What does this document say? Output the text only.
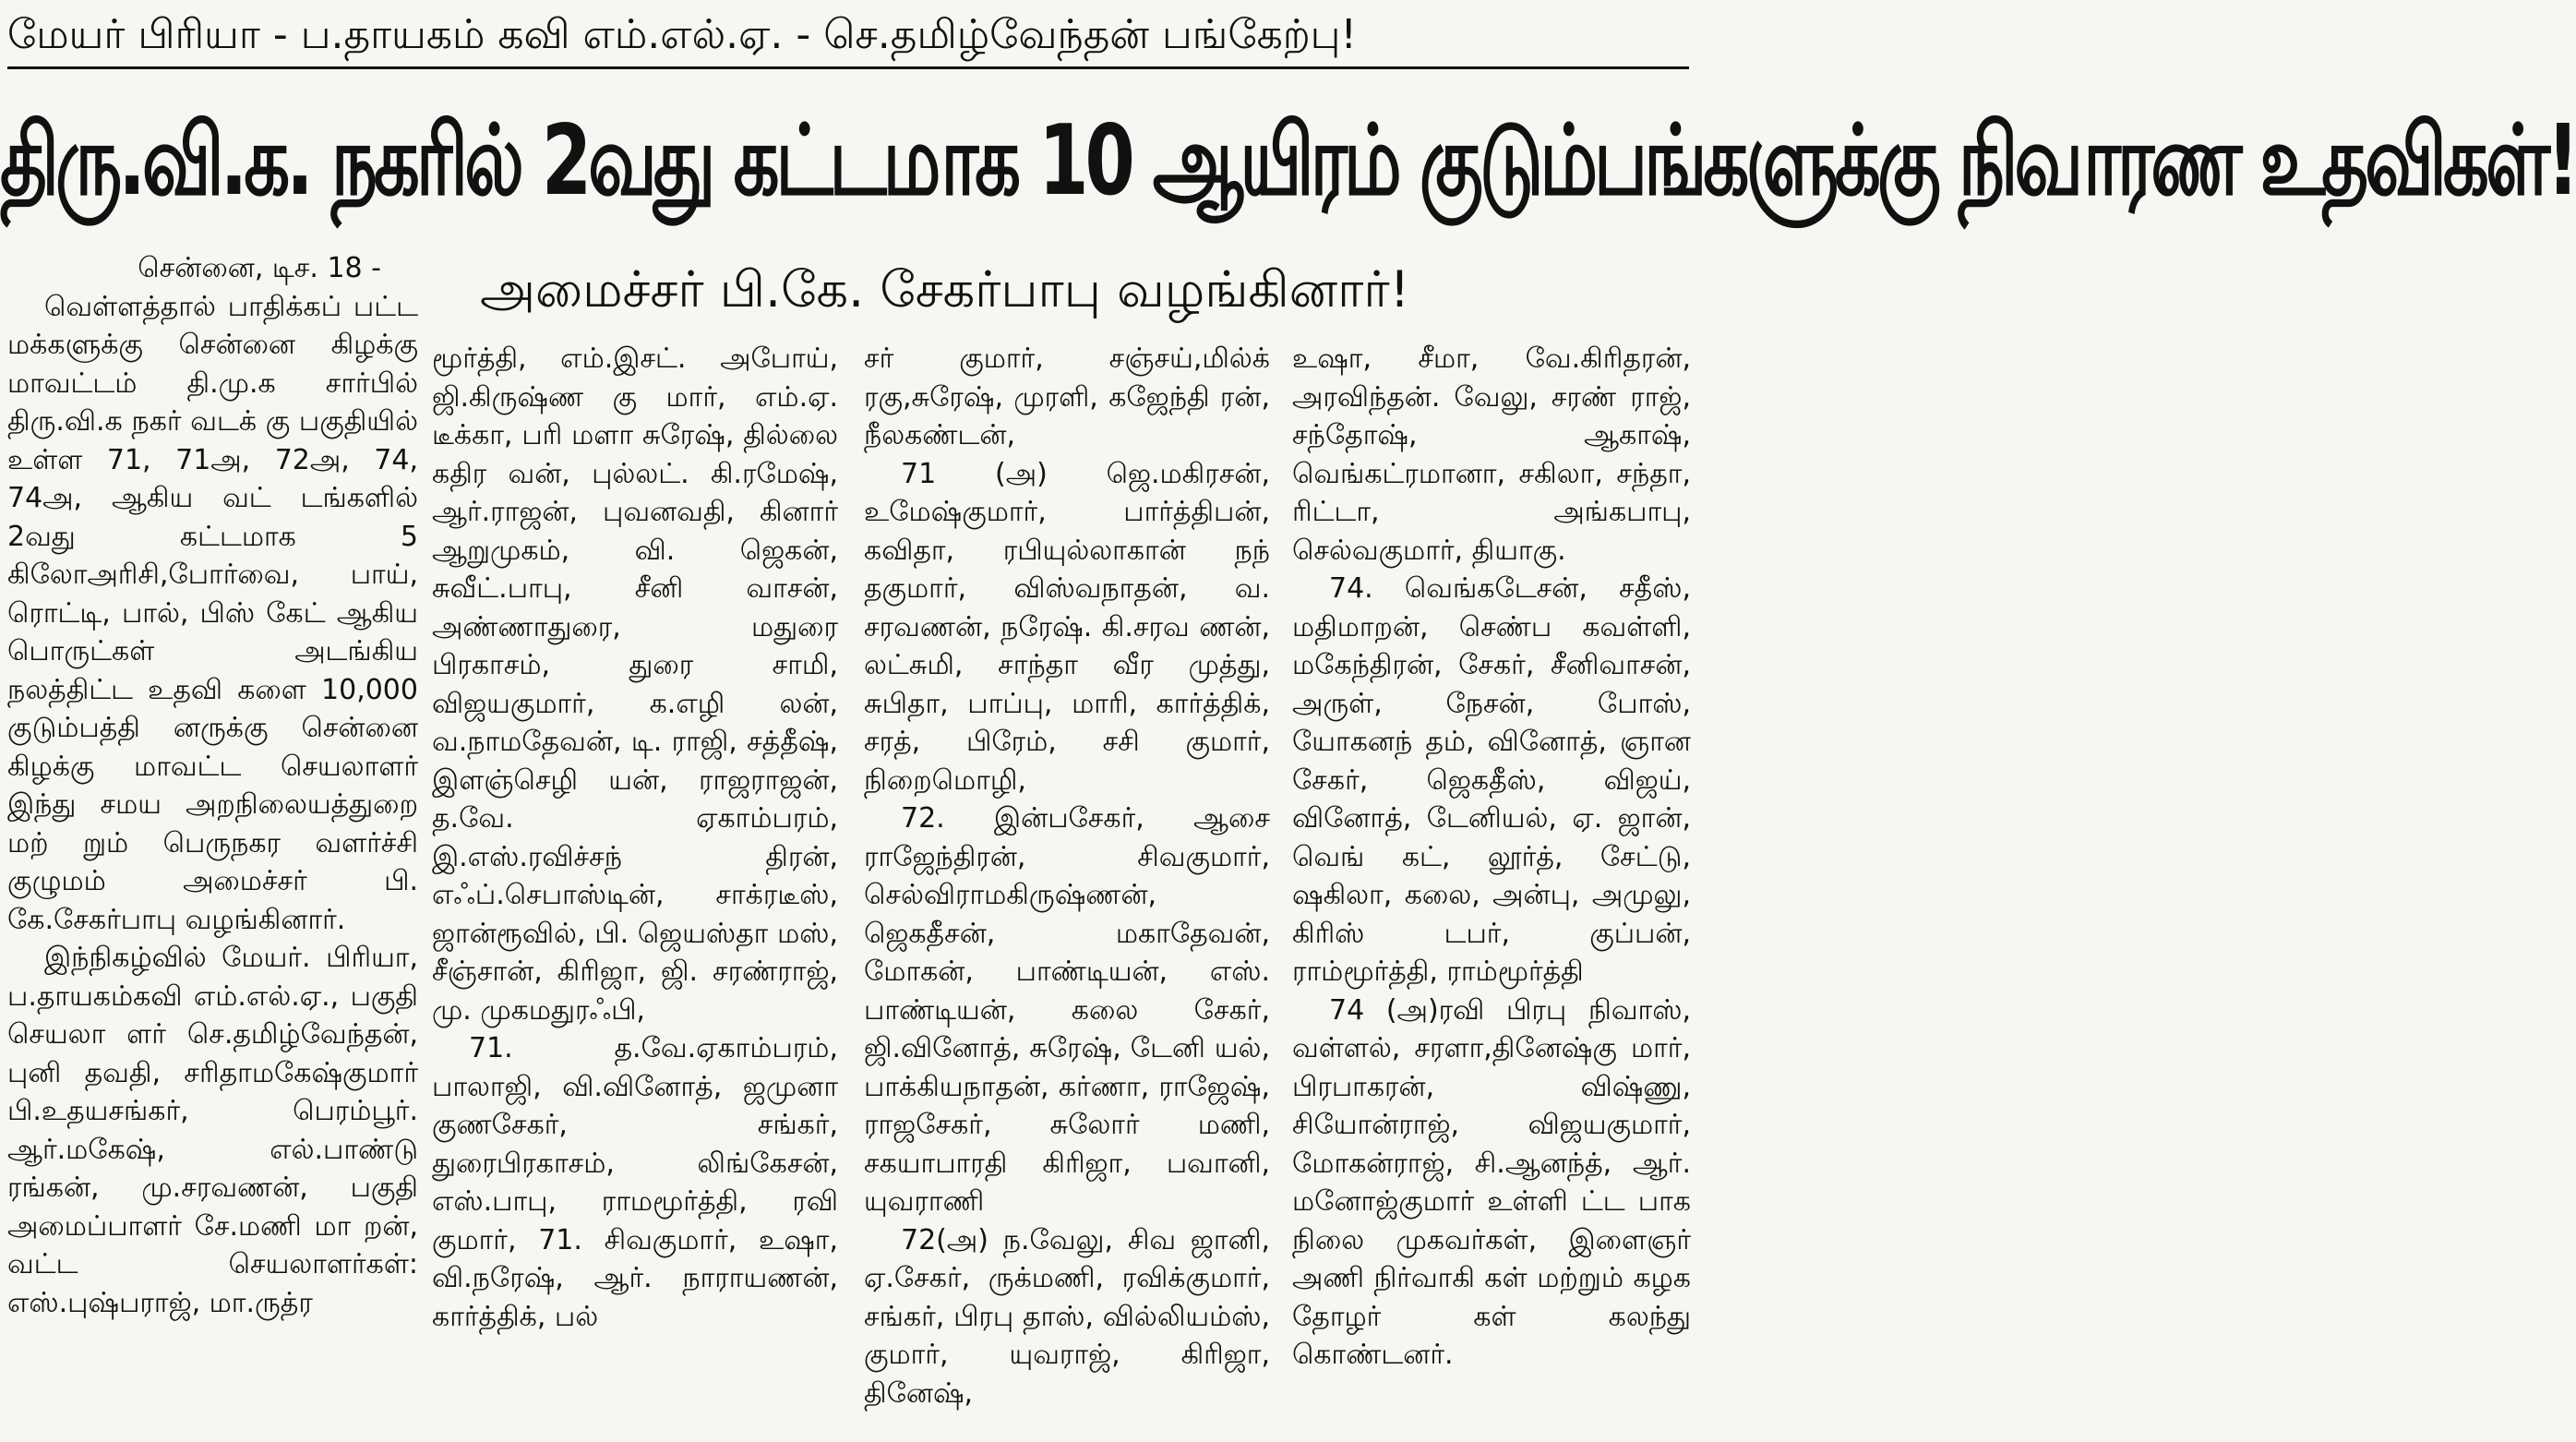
மேயர் பிரியா - ப.தாயகம் கவி எம்.எல்.ஏ. - செ.தமிழ்வேந்தன் பங்கேற்பு!
திரு.வி.க. நகரில் 2வது கட்டமாக 10 ஆயிரம் குடும்பங்களுக்கு நிவாரண உதவிகள்!
அமைச்சர் பி.கே. சேகர்பாபு வழங்கினார்!

சென்னை, டிச. 18 -

வெள்ளத்தால் பாதிக்கப் பட்ட மக்களுக்கு சென்னை கிழக்கு மாவட்டம் தி.மு.க சார்பில் திரு.வி.க நகர் வடக் கு பகுதியில் உள்ள 71, 71அ, 72அ, 74, 74அ, ஆகிய வட் டங்களில் 2வது கட்டமாக 5 கிலோஅரிசி,போர்வை, பாய், ரொட்டி, பால், பிஸ் கேட் ஆகிய பொருட்கள் அடங்கிய நலத்திட்ட உதவி களை 10,000 குடும்பத்தி னருக்கு சென்னை கிழக்கு மாவட்ட செயலாளர் இந்து சமய அறநிலையத்துறை மற் றும் பெருநகர வளர்ச்சி குழுமம் அமைச்சர் பி. கே.சேகர்பாபு வழங்கினார்.

இந்நிகழ்வில் மேயர். பிரியா, ப.தாயகம்கவி எம்.எல்.ஏ., பகுதி செயலா ளர் செ.தமிழ்வேந்தன், புனி தவதி, சரிதாமகேஷ்குமார் பி.உதயசங்கர், பெரம்பூர். ஆர்.மகேஷ், எல்.பாண்டு ரங்கன், மு.சரவணன், பகுதி அமைப்பாளர் சே.மணி மா றன், வட்ட செயலாளர்கள்: எஸ்.புஷ்பராஜ், மா.ருத்ர

மூர்த்தி, எம்.இசட். அபோய், ஜி.கிருஷ்ண கு மார், எம்.ஏ. டீக்கா, பரி மளா சுரேஷ், தில்லை கதிர வன், புல்லட். கி.ரமேஷ், ஆர்.ராஜன், புவனவதி, கினார் ஆறுமுகம், வி. ஜெகன், சுவீட்.பாபு, சீனி வாசன், அண்ணாதுரை, மதுரை பிரகாசம், துரை சாமி, விஜயகுமார், க.எழி லன், வ.நாமதேவன், டி. ராஜி, சத்தீஷ், இளஞ்செழி யன், ராஜராஜன், த.வே. ஏகாம்பரம், இ.எஸ்.ரவிச்சந் திரன், எஃப்.செபாஸ்டின், சாக்ரடீஸ், ஜான்ரூவில், பி. ஜெயஸ்தா மஸ், சீஞ்சான், கிரிஜா, ஜி. சரண்ராஜ், மு. முகமதுரஃபி,

71. த.வே.ஏகாம்பரம், பாலாஜி, வி.வினோத், ஜமுனா குணசேகர், சங்கர், துரைபிரகாசம், லிங்கேசன், எஸ்.பாபு, ராமமூர்த்தி, ரவி குமார், 71. சிவகுமார், உஷா, வி.நரேஷ், ஆர். நாராயணன், கார்த்திக், பல்

சர் குமார், சஞ்சய்,மில்க் ரகு,சுரேஷ், முரளி, கஜேந்தி ரன், நீலகண்டன்,

71 (அ) ஜெ.மகிரசன், உமேஷ்குமார், பார்த்திபன், கவிதா, ரபியுல்லாகான் நந் தகுமார், விஸ்வநாதன், வ. சரவணன், நரேஷ். கி.சரவ ணன், லட்சுமி, சாந்தா வீர முத்து, சுபிதா, பாப்பு, மாரி, கார்த்திக், சரத், பிரேம், சசி குமார், நிறைமொழி,

72. இன்பசேகர், ஆசை ராஜேந்திரன், சிவகுமார், செல்விராமகிருஷ்ணன், ஜெகதீசன், மகாதேவன், மோகன், பாண்டியன், எஸ். பாண்டியன், கலை சேகர், ஜி.வினோத், சுரேஷ், டேனி யல், பாக்கியநாதன், கர்ணா, ராஜேஷ், ராஜசேகர், சுலோர் மணி, சகயாபாரதி கிரிஜா, பவானி, யுவராணி

72(அ) ந.வேலு, சிவ ஜானி, ஏ.சேகர், ருக்மணி, ரவிக்குமார், சங்கர், பிரபு தாஸ், வில்லியம்ஸ், குமார், யுவராஜ், கிரிஜா, தினேஷ்,

உஷா, சீமா, வே.கிரிதரன், அரவிந்தன். வேலு, சரண் ராஜ், சந்தோஷ், ஆகாஷ், வெங்கட்ரமானா, சகிலா, சந்தா, ரிட்டா, அங்கபாபு, செல்வகுமார், தியாகு.

74. வெங்கடேசன், சதீஸ், மதிமாறன், செண்ப கவள்ளி, மகேந்திரன், சேகர், சீனிவாசன், அருள், நேசன், போஸ், யோகனந் தம், வினோத், ஞான சேகர், ஜெகதீஸ், விஜய், வினோத், டேனியல், ஏ. ஜான், வெங் கட், லூர்த், சேட்டு, ஷகிலா, கலை, அன்பு, அமுலு, கிரிஸ் டபர், குப்பன், ராம்மூர்த்தி, ராம்மூர்த்தி

74 (அ)ரவி பிரபு நிவாஸ், வள்ளல், சரளா,தினேஷ்கு மார், பிரபாகரன், விஷ்ணு, சியோன்ராஜ், விஜயகுமார், மோகன்ராஜ், சி.ஆனந்த், ஆர். மனோஜ்குமார் உள்ளி ட்ட பாக நிலை முகவர்கள், இளைஞர் அணி நிர்வாகி கள் மற்றும் கழக தோழர் கள் கலந்து கொண்டனர்.
